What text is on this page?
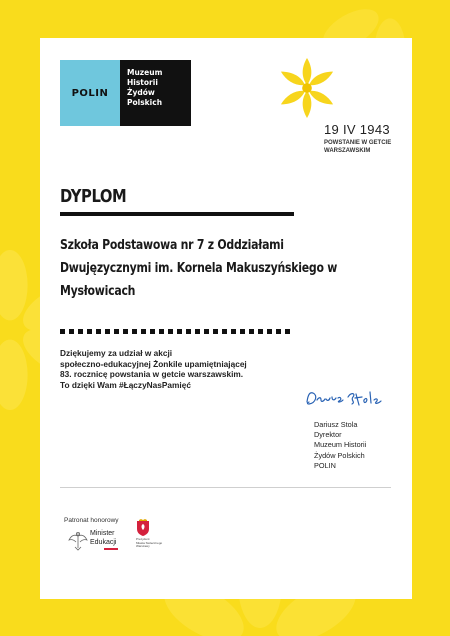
POLIN
Muzeum
Historii
Żydów
Polskich
19 IV 1943
POWSTANIE W GETCIE
WARSZAWSKIM
DYPLOM
Szkoła Podstawowa nr 7 z Oddziałami
Dwujęzycznymi im. Kornela Makuszyńskiego w
Mysłowicach
Dziękujemy za udział w akcji
społeczno-edukacyjnej Żonkile upamiętniającej
83. rocznicę powstania w getcie warszawskim.
To dzięki Wam #ŁączyNasPamięć
Dariusz Stola
Dyrektor
Muzeum Historii
Żydów Polskich
POLIN
Patronat honorowy
Minister
Edukacji	Prezydent
Miasta Stołecznego
Warszawy
